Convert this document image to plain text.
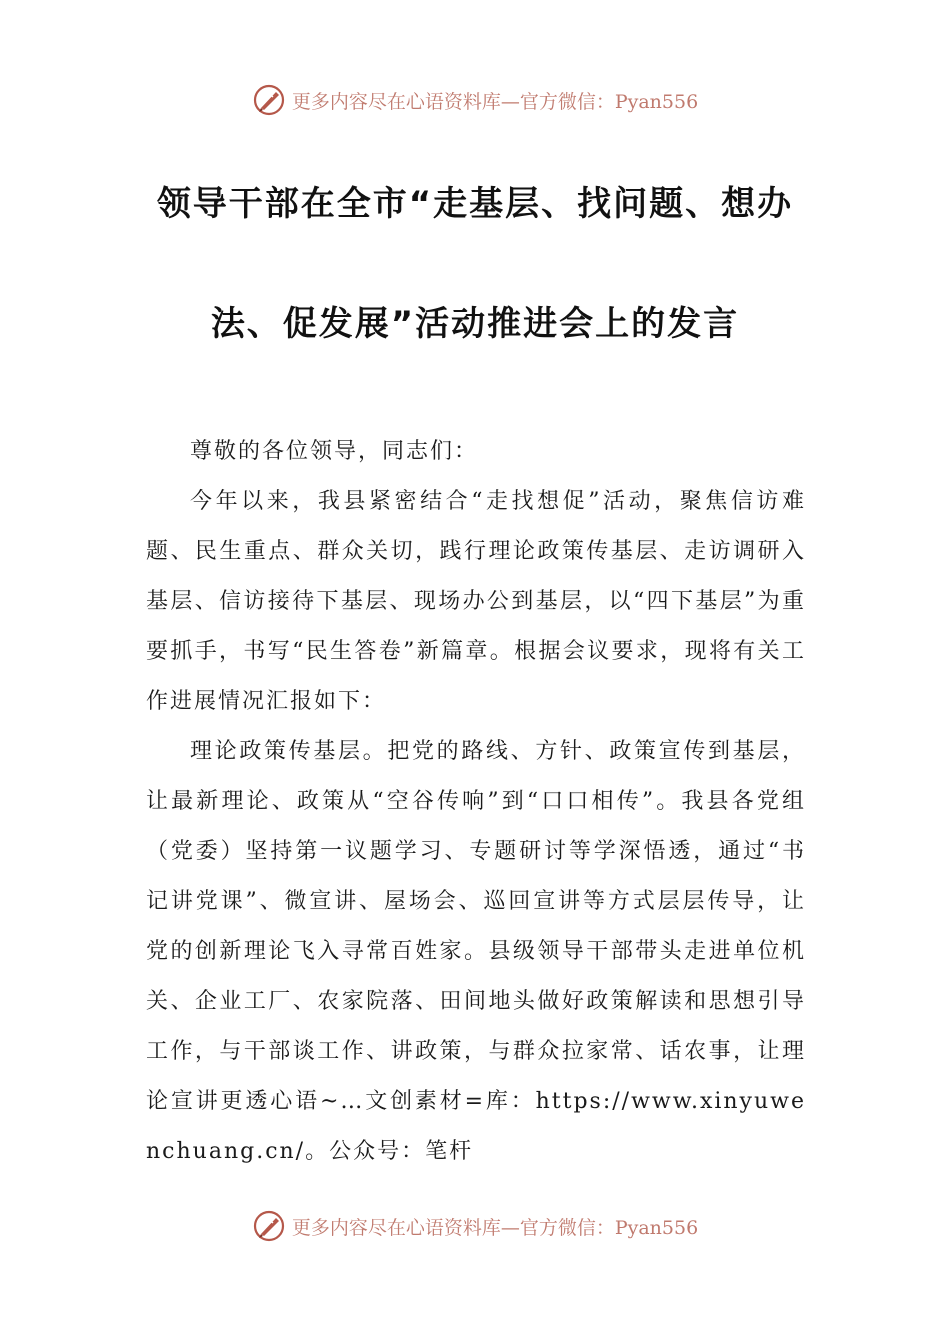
更多内容尽在心语资料库—官方微信：Pyan556
领导干部在全市“走基层、找问题、想办
法、促发展”活动推进会上的发言

尊敬的各位领导，同志们：

今年以来，我县紧密结合“走找想促”活动，聚焦信访难题、民生重点、群众关切，践行理论政策传基层、走访调研入基层、信访接待下基层、现场办公到基层，以“四下基层”为重要抓手，书写“民生答卷”新篇章。根据会议要求，现将有关工作进展情况汇报如下：

理论政策传基层。把党的路线、方针、政策宣传到基层，让最新理论、政策从“空谷传响”到“口口相传”。我县各党组（党委）坚持第一议题学习、专题研讨等学深悟透，通过“书记讲党课”、微宣讲、屋场会、巡回宣讲等方式层层传导，让党的创新理论飞入寻常百姓家。县级领导干部带头走进单位机关、企业工厂、农家院落、田间地头做好政策解读和思想引导工作，与干部谈工作、讲政策，与群众拉家常、话农事，让理论宣讲更透心语~…文创素材=库：https://www.xinyuwenchuang.cn/。公众号：笔杆

更多内容尽在心语资料库—官方微信：Pyan556
